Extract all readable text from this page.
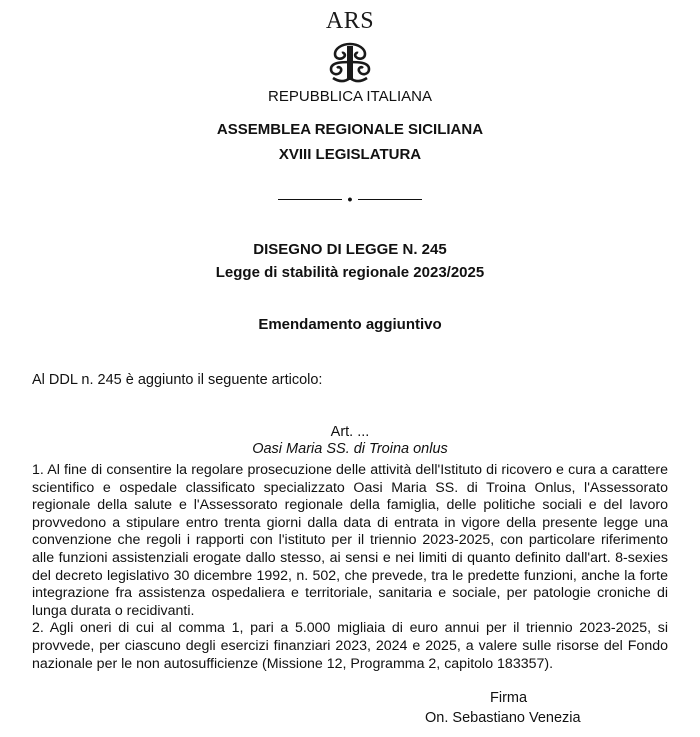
ARS
REPUBBLICA ITALIANA
ASSEMBLEA REGIONALE SICILIANA
XVIII LEGISLATURA
•
DISEGNO DI LEGGE N. 245
Legge di stabilità regionale 2023/2025
Emendamento aggiuntivo
Al DDL n. 245 è aggiunto il seguente articolo:
Art. ...
Oasi Maria SS. di Troina onlus

1. Al fine di consentire la regolare prosecuzione delle attività dell'Istituto di ricovero e cura a carattere scientifico e ospedale classificato specializzato Oasi Maria SS. di Troina Onlus, l'Assessorato regionale della salute e l'Assessorato regionale della famiglia, delle politiche sociali e del lavoro provvedono a stipulare entro trenta giorni dalla data di entrata in vigore della presente legge una convenzione che regoli i rapporti con l'istituto per il triennio 2023-2025, con particolare riferimento alle funzioni assistenziali erogate dallo stesso, ai sensi e nei limiti di quanto definito dall'art. 8-sexies del decreto legislativo 30 dicembre 1992, n. 502, che prevede, tra le predette funzioni, anche la forte integrazione fra assistenza ospedaliera e territoriale, sanitaria e sociale, per patologie croniche di lunga durata o recidivanti.

2. Agli oneri di cui al comma 1, pari a 5.000 migliaia di euro annui per il triennio 2023-2025, si provvede, per ciascuno degli esercizi finanziari 2023, 2024 e 2025, a valere sulle risorse del Fondo nazionale per le non autosufficienze (Missione 12, Programma 2, capitolo 183357).

Firma
On. Sebastiano Venezia
